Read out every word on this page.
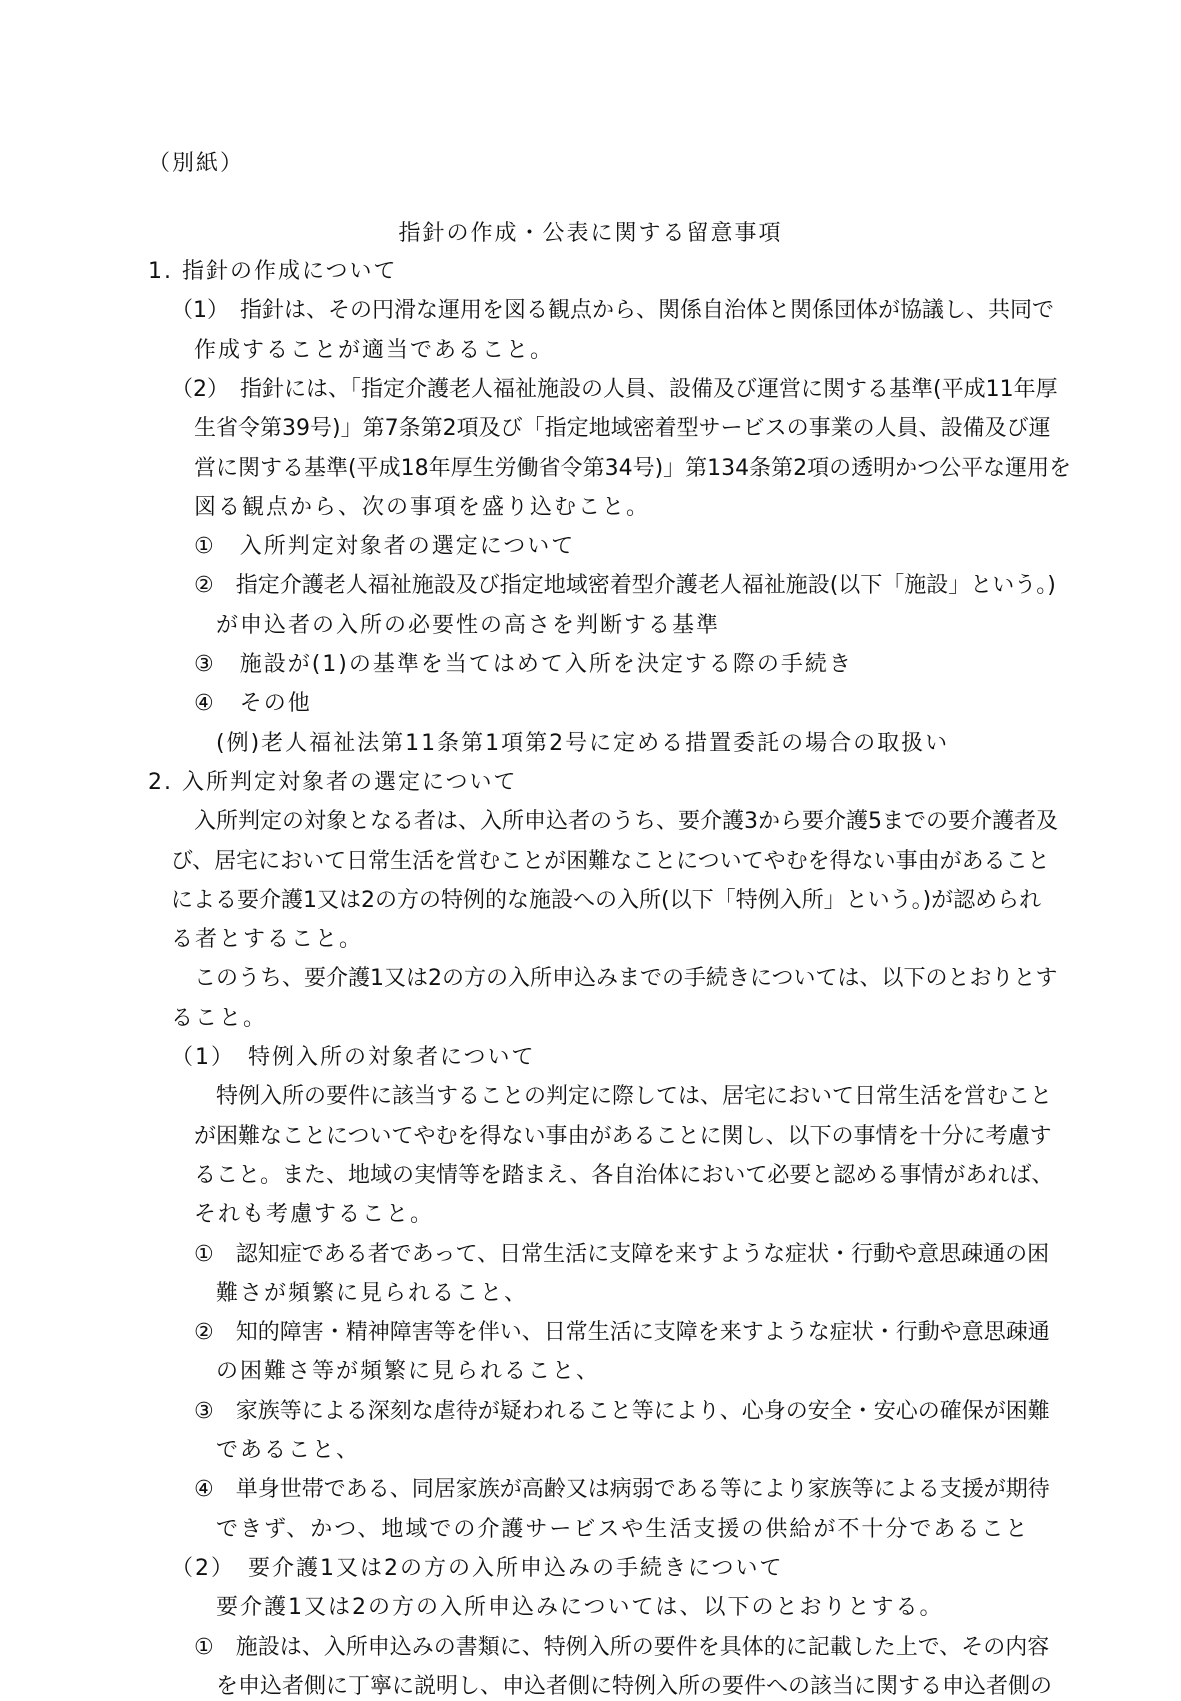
（別紙）
指針の作成・公表に関する留意事項
1. 指針の作成について
（1）　指針は、その円滑な運用を図る観点から、関係自治体と関係団体が協議し、共同で
作成することが適当であること。
（2）　指針には、「指定介護老人福祉施設の人員、設備及び運営に関する基準(平成11年厚
生省令第39号)」第7条第2項及び「指定地域密着型サービスの事業の人員、設備及び運
営に関する基準(平成18年厚生労働省令第34号)」第134条第2項の透明かつ公平な運用を
図る観点から、次の事項を盛り込むこと。
①　入所判定対象者の選定について
②　指定介護老人福祉施設及び指定地域密着型介護老人福祉施設(以下「施設」という。)
が申込者の入所の必要性の高さを判断する基準
③　施設が(1)の基準を当てはめて入所を決定する際の手続き
④　その他
(例)老人福祉法第11条第1項第2号に定める措置委託の場合の取扱い
2. 入所判定対象者の選定について
入所判定の対象となる者は、入所申込者のうち、要介護3から要介護5までの要介護者及
び、居宅において日常生活を営むことが困難なことについてやむを得ない事由があること
による要介護1又は2の方の特例的な施設への入所(以下「特例入所」という。)が認められ
る者とすること。
このうち、要介護1又は2の方の入所申込みまでの手続きについては、以下のとおりとす
ること。
（1）　特例入所の対象者について
特例入所の要件に該当することの判定に際しては、居宅において日常生活を営むこと
が困難なことについてやむを得ない事由があることに関し、以下の事情を十分に考慮す
ること。また、地域の実情等を踏まえ、各自治体において必要と認める事情があれば、
それも考慮すること。
①　認知症である者であって、日常生活に支障を来すような症状・行動や意思疎通の困
難さが頻繁に見られること、
②　知的障害・精神障害等を伴い、日常生活に支障を来すような症状・行動や意思疎通
の困難さ等が頻繁に見られること、
③　家族等による深刻な虐待が疑われること等により、心身の安全・安心の確保が困難
であること、
④　単身世帯である、同居家族が高齢又は病弱である等により家族等による支援が期待
できず、かつ、地域での介護サービスや生活支援の供給が不十分であること
（2）　要介護1又は2の方の入所申込みの手続きについて
要介護1又は2の方の入所申込みについては、以下のとおりとする。
①　施設は、入所申込みの書類に、特例入所の要件を具体的に記載した上で、その内容
を申込者側に丁寧に説明し、申込者側に特例入所の要件への該当に関する申込者側の
